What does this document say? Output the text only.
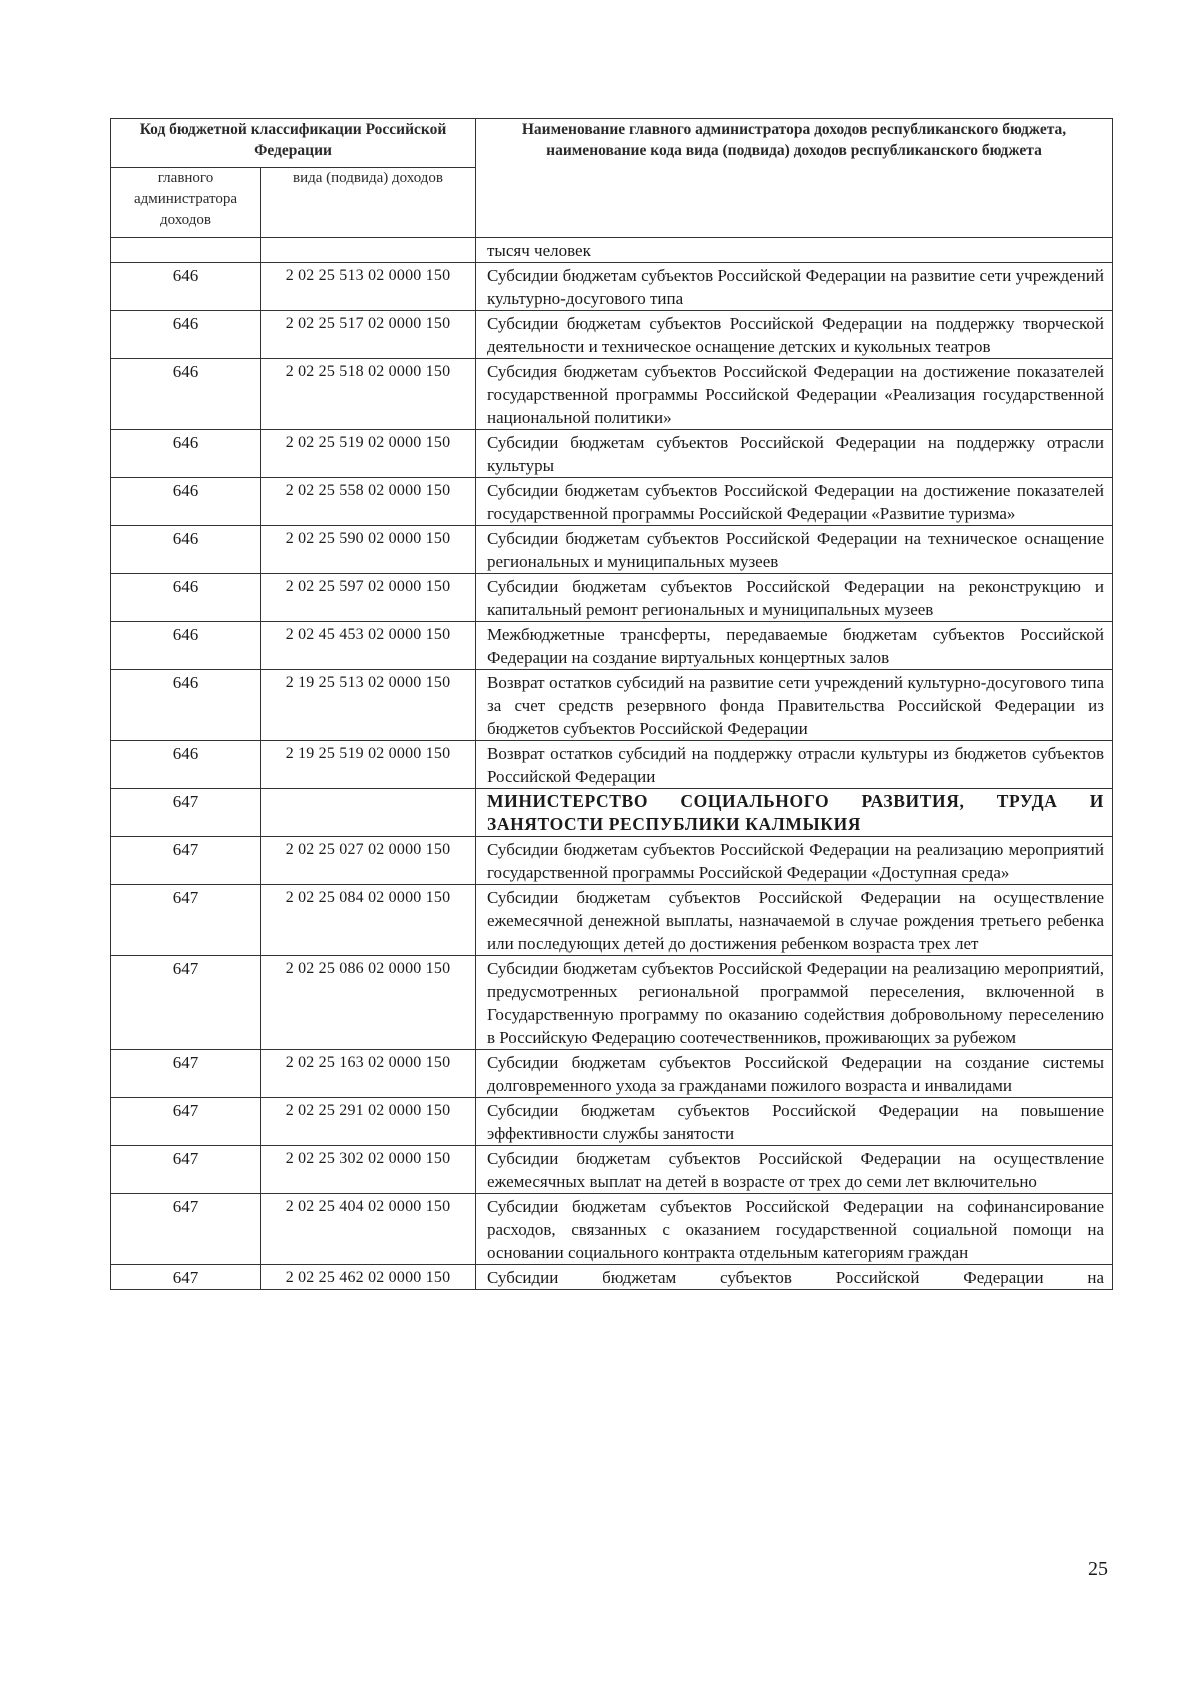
Код бюджетной классификации Российской Федерации		Наименование главного администратора доходов республиканского бюджета, наименование кода вида (подвида) доходов республиканского бюджета
главного администратора доходов	вида (подвида) доходов	
		тысяч человек
646	2 02 25 513 02 0000 150	Субсидии бюджетам субъектов Российской Федерации на развитие сети учреждений культурно-досугового типа
646	2 02 25 517 02 0000 150	Субсидии бюджетам субъектов Российской Федерации на поддержку творческой деятельности и техническое оснащение детских и кукольных театров
646	2 02 25 518 02 0000 150	Субсидия бюджетам субъектов Российской Федерации на достижение показателей государственной программы Российской Федерации «Реализация государственной национальной политики»
646	2 02 25 519 02 0000 150	Субсидии бюджетам субъектов Российской Федерации на поддержку отрасли культуры
646	2 02 25 558 02 0000 150	Субсидии бюджетам субъектов Российской Федерации на достижение показателей государственной программы Российской Федерации «Развитие туризма»
646	2 02 25 590 02 0000 150	Субсидии бюджетам субъектов Российской Федерации на техническое оснащение региональных и муниципальных музеев
646	2 02 25 597 02 0000 150	Субсидии бюджетам субъектов Российской Федерации на реконструкцию и капитальный ремонт региональных и муниципальных музеев
646	2 02 45 453 02 0000 150	Межбюджетные трансферты, передаваемые бюджетам субъектов Российской Федерации на создание виртуальных концертных залов
646	2 19 25 513 02 0000 150	Возврат остатков субсидий на развитие сети учреждений культурно-досугового типа за счет средств резервного фонда Правительства Российской Федерации из бюджетов субъектов Российской Федерации
646	2 19 25 519 02 0000 150	Возврат остатков субсидий на поддержку отрасли культуры из бюджетов субъектов Российской Федерации
647		МИНИСТЕРСТВО СОЦИАЛЬНОГО РАЗВИТИЯ, ТРУДА И ЗАНЯТОСТИ РЕСПУБЛИКИ КАЛМЫКИЯ
647	2 02 25 027 02 0000 150	Субсидии бюджетам субъектов Российской Федерации на реализацию мероприятий государственной программы Российской Федерации «Доступная среда»
647	2 02 25 084 02 0000 150	Субсидии бюджетам субъектов Российской Федерации на осуществление ежемесячной денежной выплаты, назначаемой в случае рождения третьего ребенка или последующих детей до достижения ребенком возраста трех лет
647	2 02 25 086 02 0000 150	Субсидии бюджетам субъектов Российской Федерации на реализацию мероприятий, предусмотренных региональной программой переселения, включенной в Государственную программу по оказанию содействия добровольному переселению в Российскую Федерацию соотечественников, проживающих за рубежом
647	2 02 25 163 02 0000 150	Субсидии бюджетам субъектов Российской Федерации на создание системы долговременного ухода за гражданами пожилого возраста и инвалидами
647	2 02 25 291 02 0000 150	Субсидии бюджетам субъектов Российской Федерации на повышение эффективности службы занятости
647	2 02 25 302 02 0000 150	Субсидии бюджетам субъектов Российской Федерации на осуществление ежемесячных выплат на детей в возрасте от трех до семи лет включительно
647	2 02 25 404 02 0000 150	Субсидии бюджетам субъектов Российской Федерации на софинансирование расходов, связанных с оказанием государственной социальной помощи на основании социального контракта отдельным категориям граждан
647	2 02 25 462 02 0000 150	Субсидии бюджетам субъектов Российской Федерации на
25
